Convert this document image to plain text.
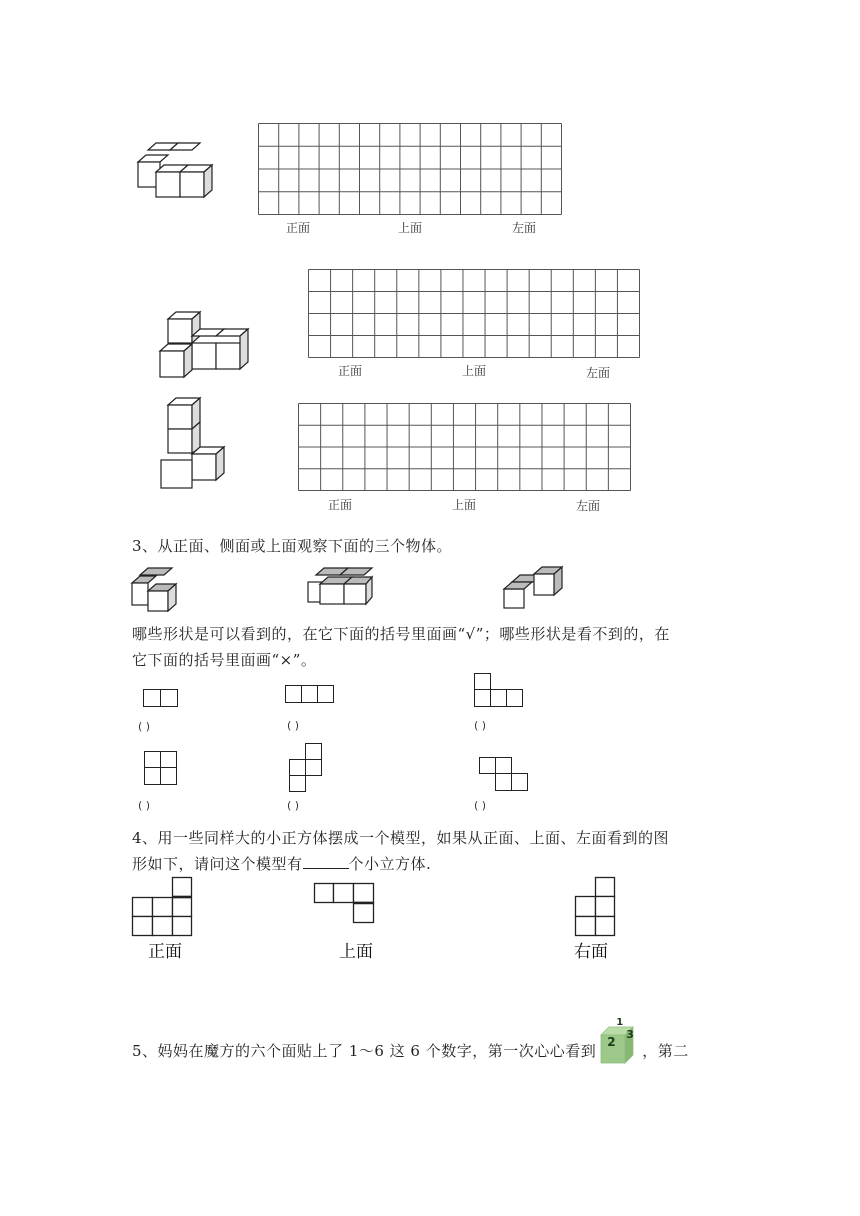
正面	上面	左面
正面	上面	左面
正面	上面	左面
3、从正面、侧面或上面观察下面的三个物体。
哪些形状是可以看到的，在它下面的括号里面画“√”；哪些形状是看不到的，在
它下面的括号里面画“×”。
( )	( )	( )
( )	( )	( )
4、用一些同样大的小正方体摆成一个模型，如果从正面、上面、左面看到的图
形如下，请问这个模型有	个小立方体.
正面	上面	右面
5、妈妈在魔方的六个面贴上了 1～6 这 6 个数字，第一次心心看到
1
2
3
，第二
